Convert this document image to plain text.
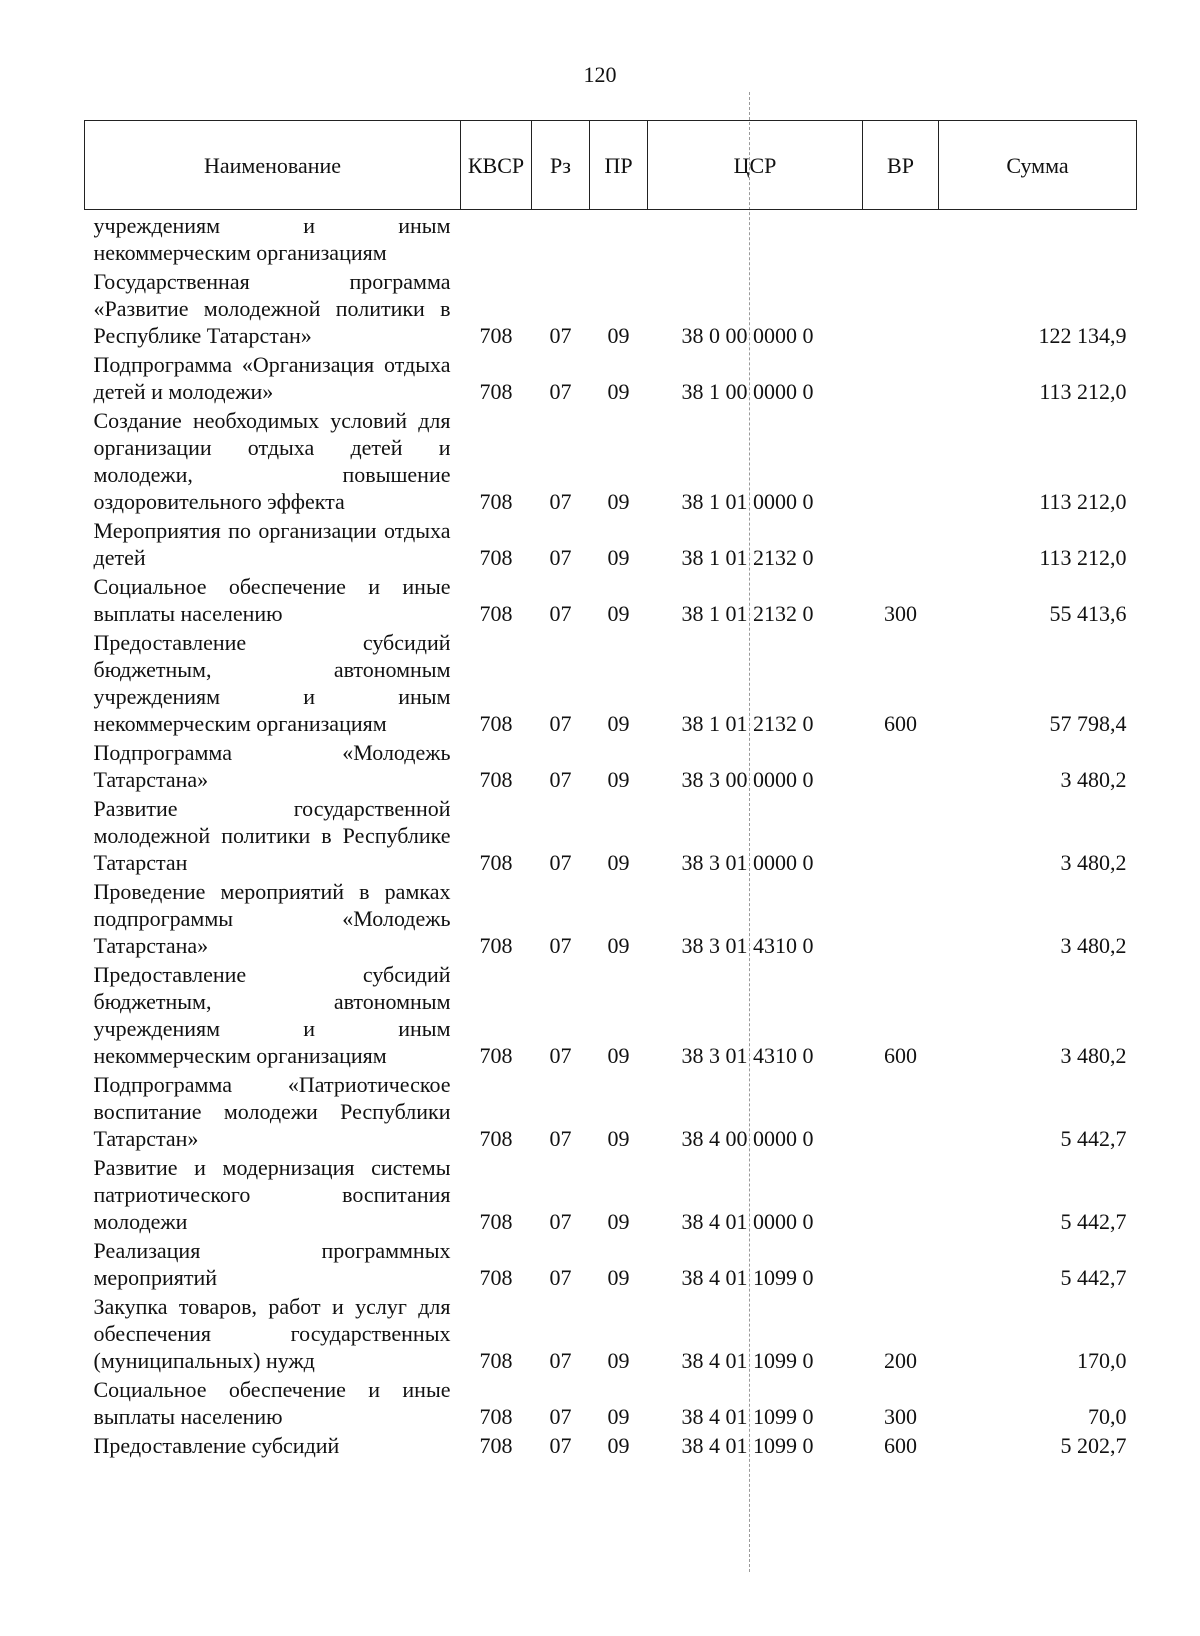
120
Наименование	КВСР	Рз	ПР	ЦСР	ВР	Сумма
учреждениям и иным некоммерческим организациям						
Государственная программа «Развитие молодежной политики в Республике Татарстан»	708	07	09	38 0 00 0000 0		122 134,9
Подпрограмма «Организация отдыха детей и молодежи»	708	07	09	38 1 00 0000 0		113 212,0
Создание необходимых условий для организации отдыха детей и молодежи, повышение оздоровительного эффекта	708	07	09	38 1 01 0000 0		113 212,0
Мероприятия по организации отдыха детей	708	07	09	38 1 01 2132 0		113 212,0
Социальное обеспечение и иные выплаты населению	708	07	09	38 1 01 2132 0	300	55 413,6
Предоставление субсидий бюджетным, автономным учреждениям и иным некоммерческим организациям	708	07	09	38 1 01 2132 0	600	57 798,4
Подпрограмма «Молодежь Татарстана»	708	07	09	38 3 00 0000 0		3 480,2
Развитие государственной молодежной политики в Республике Татарстан	708	07	09	38 3 01 0000 0		3 480,2
Проведение мероприятий в рамках подпрограммы «Молодежь Татарстана»	708	07	09	38 3 01 4310 0		3 480,2
Предоставление субсидий бюджетным, автономным учреждениям и иным некоммерческим организациям	708	07	09	38 3 01 4310 0	600	3 480,2
Подпрограмма «Патриотическое воспитание молодежи Республики Татарстан»	708	07	09	38 4 00 0000 0		5 442,7
Развитие и модернизация системы патриотического воспитания молодежи	708	07	09	38 4 01 0000 0		5 442,7
Реализация программных мероприятий	708	07	09	38 4 01 1099 0		5 442,7
Закупка товаров, работ и услуг для обеспечения государственных (муниципальных) нужд	708	07	09	38 4 01 1099 0	200	170,0
Социальное обеспечение и иные выплаты населению	708	07	09	38 4 01 1099 0	300	70,0
Предоставление субсидий	708	07	09	38 4 01 1099 0	600	5 202,7
